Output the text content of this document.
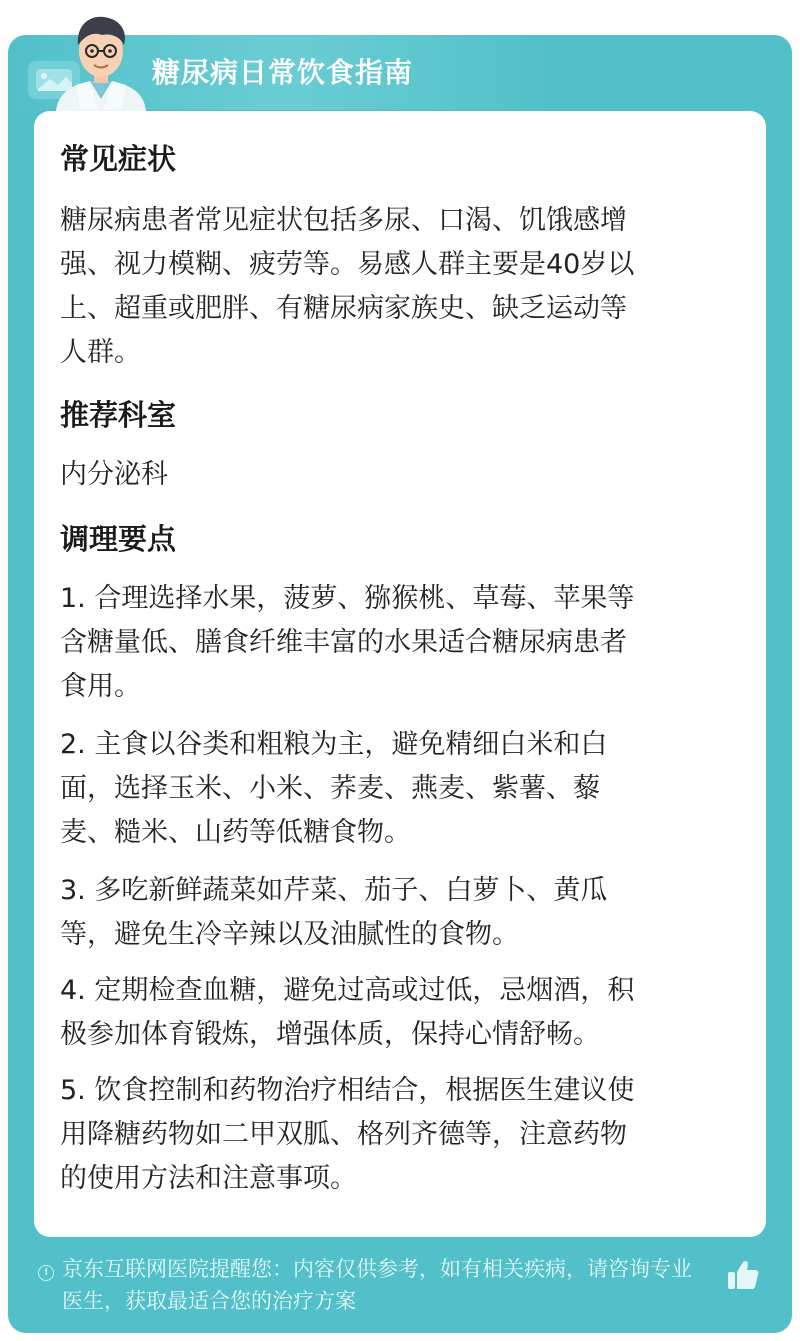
糖尿病日常饮食指南
常见症状
糖尿病患者常见症状包括多尿、口渴、饥饿感增
强、视力模糊、疲劳等。易感人群主要是40岁以
上、超重或肥胖、有糖尿病家族史、缺乏运动等
人群。
推荐科室
内分泌科
调理要点
1. 合理选择水果，菠萝、猕猴桃、草莓、苹果等
含糖量低、膳食纤维丰富的水果适合糖尿病患者
食用。
2. 主食以谷类和粗粮为主，避免精细白米和白
面，选择玉米、小米、荞麦、燕麦、紫薯、藜
麦、糙米、山药等低糖食物。
3. 多吃新鲜蔬菜如芹菜、茄子、白萝卜、黄瓜
等，避免生冷辛辣以及油腻性的食物。
4. 定期检查血糖，避免过高或过低，忌烟酒，积
极参加体育锻炼，增强体质，保持心情舒畅。
5. 饮食控制和药物治疗相结合，根据医生建议使
用降糖药物如二甲双胍、格列齐德等，注意药物
的使用方法和注意事项。
! 京东互联网医院提醒您：内容仅供参考，如有相关疾病，请咨询专业
医生，获取最适合您的治疗方案
